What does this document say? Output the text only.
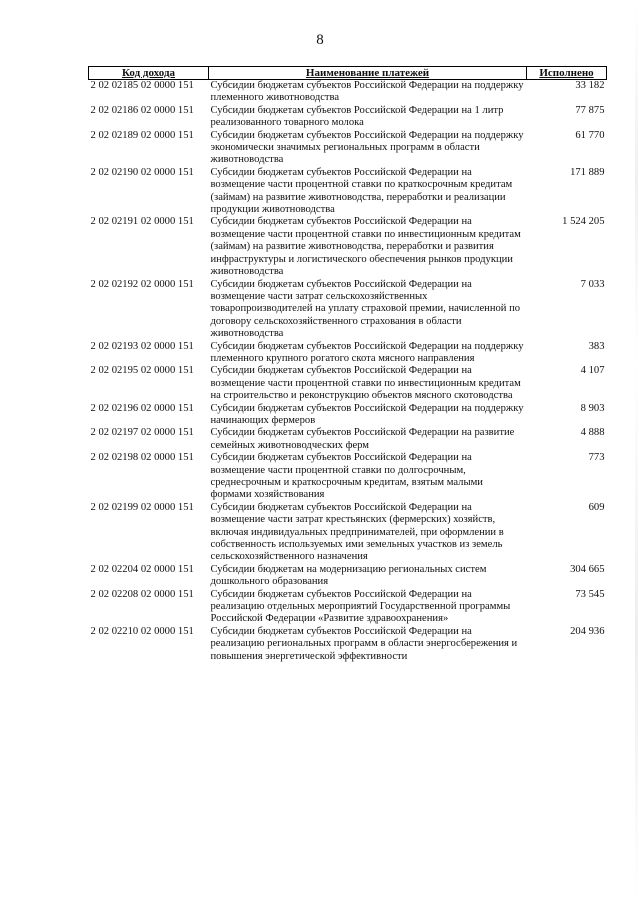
8
Код дохода	Наименование платежей	Исполнено
2 02 02185 02 0000 151	Субсидии бюджетам субъектов Российской Федерации на поддержку племенного животноводства	33 182
2 02 02186 02 0000 151	Субсидии бюджетам субъектов Российской Федерации на 1 литр реализованного товарного молока	77 875
2 02 02189 02 0000 151	Субсидии бюджетам субъектов Российской Федерации на поддержку экономически значимых региональных программ в области животноводства	61 770
2 02 02190 02 0000 151	Субсидии бюджетам субъектов Российской Федерации на возмещение части процентной ставки по краткосрочным кредитам (займам) на развитие животноводства, переработки и реализации продукции животноводства	171 889
2 02 02191 02 0000 151	Субсидии бюджетам субъектов Российской Федерации на возмещение части процентной ставки по инвестиционным кредитам (займам) на развитие животноводства, переработки и развития инфраструктуры и логистического обеспечения рынков продукции животноводства	1 524 205
2 02 02192 02 0000 151	Субсидии бюджетам субъектов Российской Федерации на возмещение части затрат сельскохозяйственных товаропроизводителей на уплату страховой премии, начисленной по договору сельскохозяйственного страхования в области животноводства	7 033
2 02 02193 02 0000 151	Субсидии бюджетам субъектов Российской Федерации на поддержку племенного крупного рогатого скота мясного направления	383
2 02 02195 02 0000 151	Субсидии бюджетам субъектов Российской Федерации на возмещение части процентной ставки по инвестиционным кредитам на строительство и реконструкцию объектов мясного скотоводства	4 107
2 02 02196 02 0000 151	Субсидии бюджетам субъектов Российской Федерации на поддержку начинающих фермеров	8 903
2 02 02197 02 0000 151	Субсидии бюджетам субъектов Российской Федерации на развитие семейных животноводческих ферм	4 888
2 02 02198 02 0000 151	Субсидии бюджетам субъектов Российской Федерации на возмещение части процентной ставки по долгосрочным, среднесрочным и краткосрочным кредитам, взятым малыми формами хозяйствования	773
2 02 02199 02 0000 151	Субсидии бюджетам субъектов Российской Федерации на возмещение части затрат крестьянских (фермерских) хозяйств, включая индивидуальных предпринимателей, при оформлении в собственность используемых ими земельных участков из земель сельскохозяйственного назначения	609
2 02 02204 02 0000 151	Субсидии бюджетам на модернизацию региональных систем дошкольного образования	304 665
2 02 02208 02 0000 151	Субсидии бюджетам субъектов Российской Федерации на реализацию отдельных мероприятий Государственной программы Российской Федерации «Развитие здравоохранения»	73 545
2 02 02210 02 0000 151	Субсидии бюджетам субъектов Российской Федерации на реализацию региональных программ в области энергосбережения и повышения энергетической эффективности	204 936
